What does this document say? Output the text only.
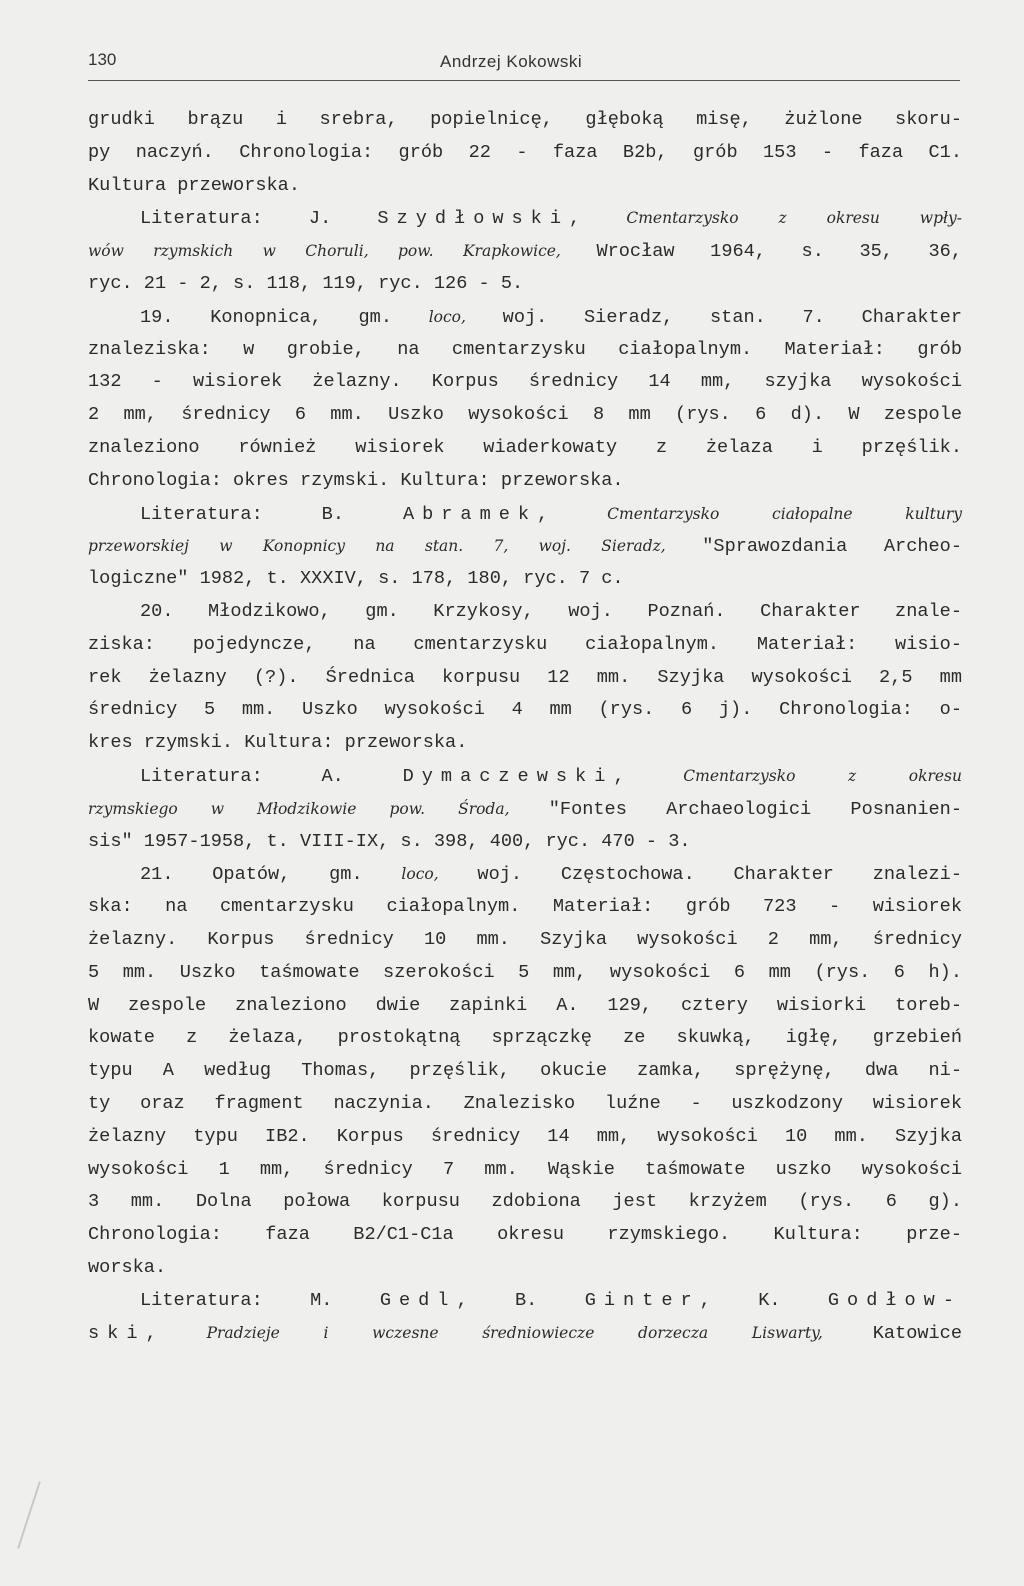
130	Andrzej Kokowski
grudki brązu i srebra, popielnicę, głęboką misę, żużlone skoru-
py naczyń. Chronologia: grób 22 - faza B2b, grób 153 - faza C1.
Kultura przeworska.
Literatura: J. Szydłowski, Cmentarzysko z okresu wpły-
wów rzymskich w Choruli, pow. Krapkowice, Wrocław 1964, s. 35, 36,
ryc. 21 - 2, s. 118, 119, ryc. 126 - 5.
19. Konopnica, gm. loco, woj. Sieradz, stan. 7. Charakter
znaleziska: w grobie, na cmentarzysku ciałopalnym. Materiał: grób
132 - wisiorek żelazny. Korpus średnicy 14 mm, szyjka wysokości
2 mm, średnicy 6 mm. Uszko wysokości 8 mm (rys. 6 d). W zespole
znaleziono również wisiorek wiaderkowaty z żelaza i przęślik.
Chronologia: okres rzymski. Kultura: przeworska.
Literatura: B. Abramek, Cmentarzysko ciałopalne kultury
przeworskiej w Konopnicy na stan. 7, woj. Sieradz, "Sprawozdania Archeo-
logiczne" 1982, t. XXXIV, s. 178, 180, ryc. 7 c.
20. Młodzikowo, gm. Krzykosy, woj. Poznań. Charakter znale-
ziska: pojedyncze, na cmentarzysku ciałopalnym. Materiał: wisio-
rek żelazny (?). Średnica korpusu 12 mm. Szyjka wysokości 2,5 mm
średnicy 5 mm. Uszko wysokości 4 mm (rys. 6 j). Chronologia: o-
kres rzymski. Kultura: przeworska.
Literatura: A. Dymaczewski, Cmentarzysko z okresu
rzymskiego w Młodzikowie pow. Środa, "Fontes Archaeologici Posnanien-
sis" 1957-1958, t. VIII-IX, s. 398, 400, ryc. 470 - 3.
21. Opatów, gm. loco, woj. Częstochowa. Charakter znalezi-
ska: na cmentarzysku ciałopalnym. Materiał: grób 723 - wisiorek
żelazny. Korpus średnicy 10 mm. Szyjka wysokości 2 mm, średnicy
5 mm. Uszko taśmowate szerokości 5 mm, wysokości 6 mm (rys. 6 h).
W zespole znaleziono dwie zapinki A. 129, cztery wisiorki toreb-
kowate z żelaza, prostokątną sprzączkę ze skuwką, igłę, grzebień
typu A według Thomas, przęślik, okucie zamka, sprężynę, dwa ni-
ty oraz fragment naczynia. Znalezisko luźne - uszkodzony wisiorek
żelazny typu IB2. Korpus średnicy 14 mm, wysokości 10 mm. Szyjka
wysokości 1 mm, średnicy 7 mm. Wąskie taśmowate uszko wysokości
3 mm. Dolna połowa korpusu zdobiona jest krzyżem (rys. 6 g).
Chronologia: faza B2/C1-C1a okresu rzymskiego. Kultura: prze-
worska.
Literatura: M. Gedl, B. Ginter, K. Godłow-
ski, Pradzieje i wczesne średniowiecze dorzecza Liswarty, Katowice
